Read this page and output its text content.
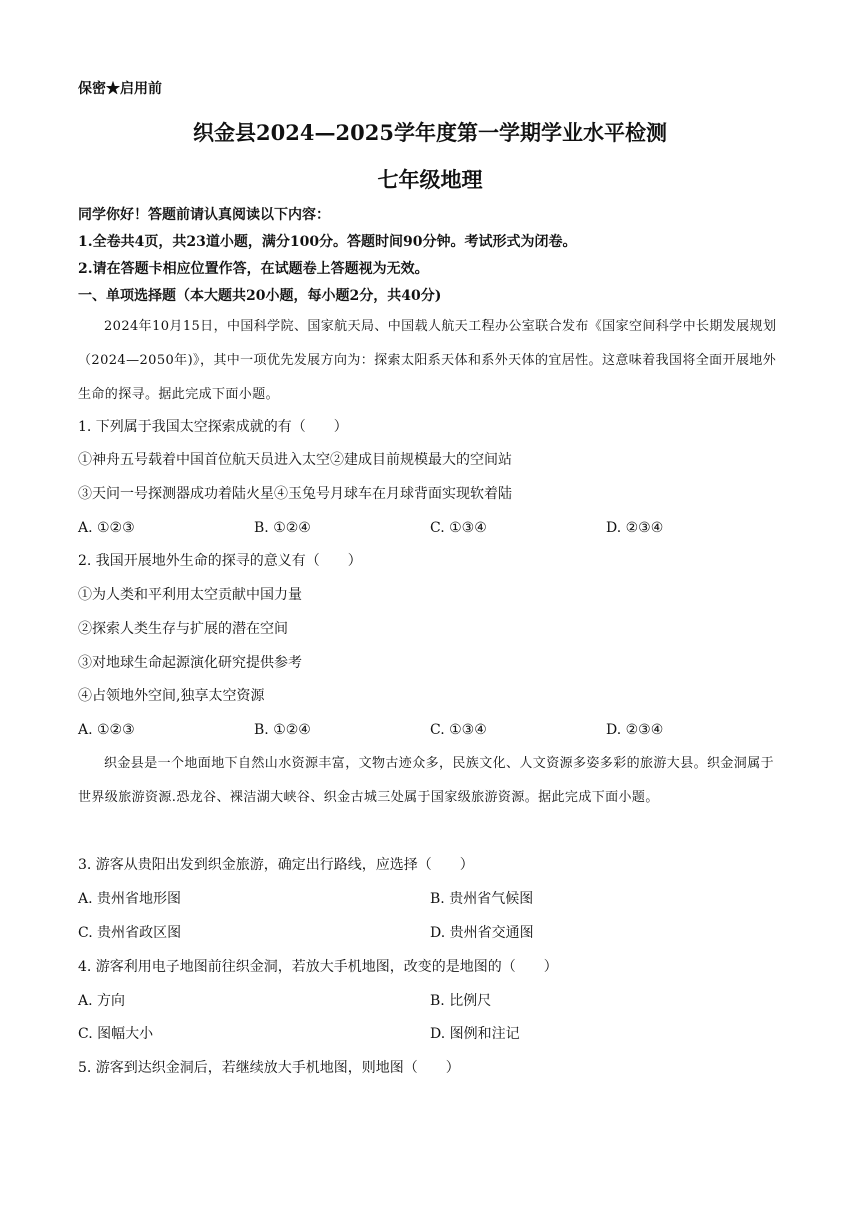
保密★启用前
织金县2024—2025学年度第一学期学业水平检测
七年级地理
同学你好！答题前请认真阅读以下内容：
1.全卷共4页，共23道小题，满分100分。答题时间90分钟。考试形式为闭卷。
2.请在答题卡相应位置作答，在试题卷上答题视为无效。
一、单项选择题（本大题共20小题，每小题2分，共40分)
2024年10月15日，中国科学院、国家航天局、中国载人航天工程办公室联合发布《国家空间科学中长期发展规划（2024—2050年)》，其中一项优先发展方向为：探索太阳系天体和系外天体的宜居性。这意味着我国将全面开展地外生命的探寻。据此完成下面小题。
1. 下列属于我国太空探索成就的有（　　）
①神舟五号载着中国首位航天员进入太空②建成目前规模最大的空间站
③天问一号探测器成功着陆火星④玉兔号月球车在月球背面实现软着陆
A. ①②③	B. ①②④	C. ①③④	D. ②③④
2. 我国开展地外生命的探寻的意义有（　　）
①为人类和平利用太空贡献中国力量
②探索人类生存与扩展的潜在空间
③对地球生命起源演化研究提供参考
④占领地外空间,独享太空资源
A. ①②③	B. ①②④	C. ①③④	D. ②③④
织金县是一个地面地下自然山水资源丰富，文物古迹众多，民族文化、人文资源多姿多彩的旅游大县。织金洞属于世界级旅游资源.恐龙谷、裸洁湖大峡谷、织金古城三处属于国家级旅游资源。据此完成下面小题。
3. 游客从贵阳出发到织金旅游，确定出行路线，应选择（　　）
A. 贵州省地形图	B. 贵州省气候图
C. 贵州省政区图	D. 贵州省交通图
4. 游客利用电子地图前往织金洞，若放大手机地图，改变的是地图的（　　）
A. 方向	B. 比例尺
C. 图幅大小	D. 图例和注记
5. 游客到达织金洞后，若继续放大手机地图，则地图（　　）
